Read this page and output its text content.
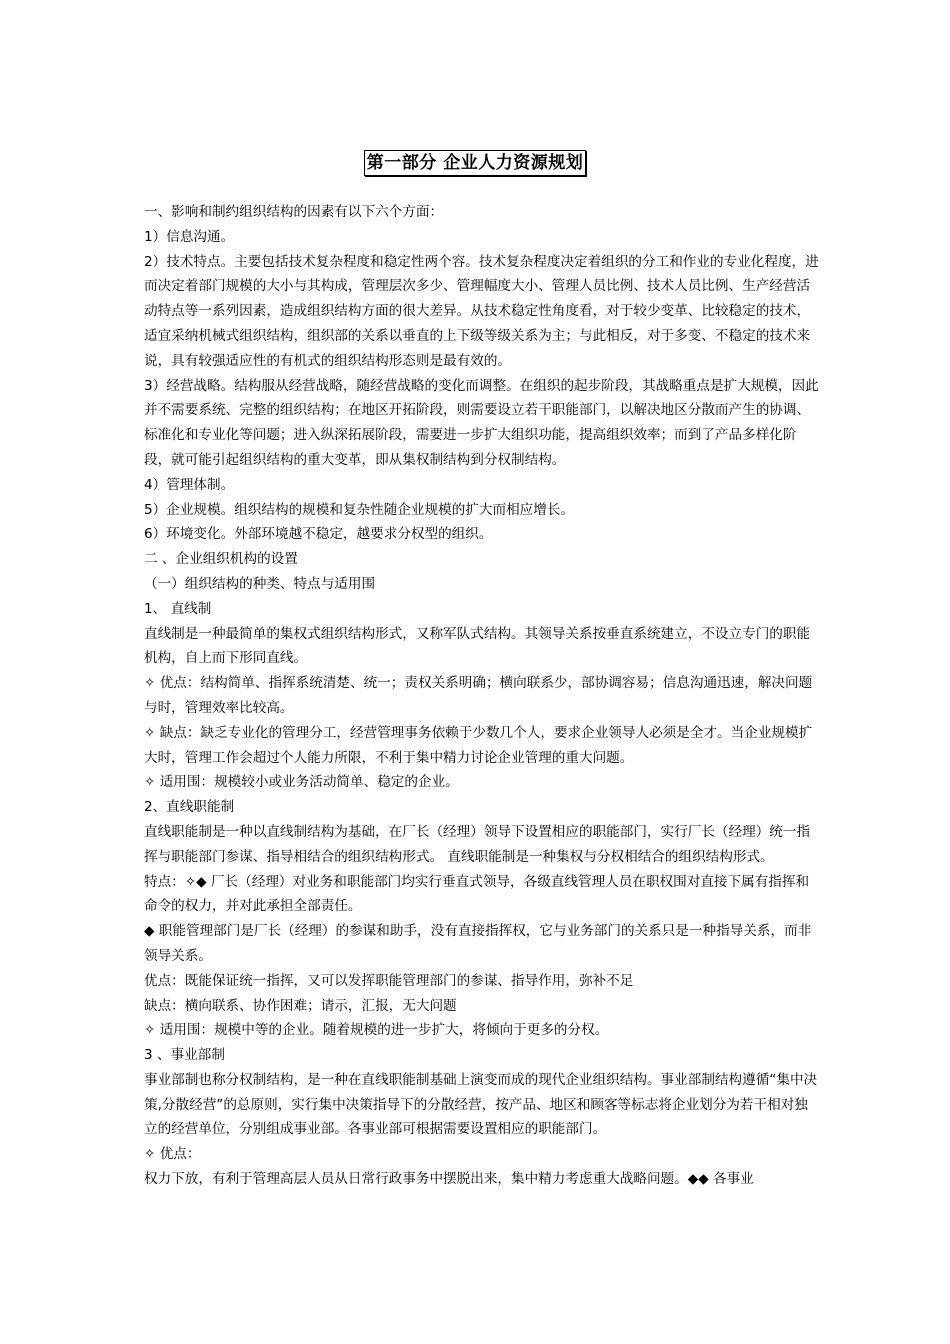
第一部分 企业人力资源规划

一、影响和制约组织结构的因素有以下六个方面：

1）信息沟通。

2）技术特点。主要包括技术复杂程度和稳定性两个容。技术复杂程度决定着组织的分工和作业的专业化程度，进而决定着部门规模的大小与其构成，管理层次多少、管理幅度大小、管理人员比例、技术人员比例、生产经营活动特点等一系列因素，造成组织结构方面的很大差异。从技术稳定性角度看，对于较少变革、比较稳定的技术，适宜采纳机械式组织结构，组织部的关系以垂直的上下级等级关系为主；与此相反，对于多变、不稳定的技术来说，具有较强适应性的有机式的组织结构形态则是最有效的。

3）经营战略。结构服从经营战略，随经营战略的变化而调整。在组织的起步阶段，其战略重点是扩大规模，因此并不需要系统、完整的组织结构；在地区开拓阶段，则需要设立若干职能部门，以解决地区分散而产生的协调、标准化和专业化等问题；进入纵深拓展阶段，需要进一步扩大组织功能，提高组织效率；而到了产品多样化阶段，就可能引起组织结构的重大变革，即从集权制结构到分权制结构。

4）管理体制。

5）企业规模。组织结构的规模和复杂性随企业规模的扩大而相应增长。

6）环境变化。外部环境越不稳定，越要求分权型的组织。

二 、企业组织机构的设置

（一）组织结构的种类、特点与适用围

1、 直线制

直线制是一种最简单的集权式组织结构形式，又称军队式结构。其领导关系按垂直系统建立，不设立专门的职能机构，自上而下形同直线。

✧ 优点：结构简单、指挥系统清楚、统一；责权关系明确；横向联系少，部协调容易；信息沟通迅速，解决问题与时，管理效率比较高。

✧ 缺点：缺乏专业化的管理分工，经营管理事务依赖于少数几个人，要求企业领导人必须是全才。当企业规模扩大时，管理工作会超过个人能力所限，不利于集中精力讨论企业管理的重大问题。

✧ 适用围：规模较小或业务活动简单、稳定的企业。

2、直线职能制

直线职能制是一种以直线制结构为基础，在厂长（经理）领导下设置相应的职能部门，实行厂长（经理）统一指挥与职能部门参谋、指导相结合的组织结构形式。 直线职能制是一种集权与分权相结合的组织结构形式。

特点：✧◆ 厂长（经理）对业务和职能部门均实行垂直式领导，各级直线管理人员在职权围对直接下属有指挥和命令的权力，并对此承担全部责任。

◆ 职能管理部门是厂长（经理）的参谋和助手，没有直接指挥权，它与业务部门的关系只是一种指导关系，而非领导关系。

优点：既能保证统一指挥，又可以发挥职能管理部门的参谋、指导作用，弥补不足

缺点：横向联系、协作困难；请示，汇报，无大问题

✧ 适用围：规模中等的企业。随着规模的进一步扩大，将倾向于更多的分权。

3 、事业部制

事业部制也称分权制结构，是一种在直线职能制基础上演变而成的现代企业组织结构。事业部制结构遵循“集中决策,分散经营”的总原则，实行集中决策指导下的分散经营，按产品、地区和顾客等标志将企业划分为若干相对独立的经营单位，分别组成事业部。各事业部可根据需要设置相应的职能部门。

✧ 优点：

权力下放，有利于管理高层人员从日常行政事务中摆脱出来，集中精力考虑重大战略问题。◆◆ 各事业
